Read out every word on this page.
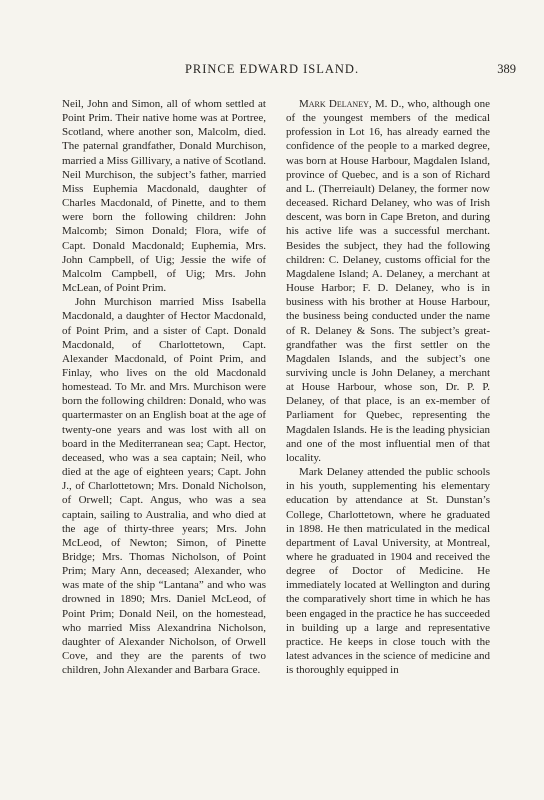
PRINCE EDWARD ISLAND.	389

Neil, John and Simon, all of whom settled at Point Prim. Their native home was at Portree, Scotland, where another son, Malcolm, died. The paternal grandfather, Donald Murchison, married a Miss Gillivary, a native of Scotland. Neil Murchison, the subject’s father, married Miss Euphemia Macdonald, daughter of Charles Macdonald, of Pinette, and to them were born the following children: John Malcomb; Simon Donald; Flora, wife of Capt. Donald Macdonald; Euphemia, Mrs. John Campbell, of Uig; Jessie the wife of Malcolm Campbell, of Uig; Mrs. John McLean, of Point Prim.

John Murchison married Miss Isabella Macdonald, a daughter of Hector Macdonald, of Point Prim, and a sister of Capt. Donald Macdonald, of Charlottetown, Capt. Alexander Macdonald, of Point Prim, and Finlay, who lives on the old Macdonald homestead. To Mr. and Mrs. Murchison were born the following children: Donald, who was quartermaster on an English boat at the age of twenty-one years and was lost with all on board in the Mediterranean sea; Capt. Hector, deceased, who was a sea captain; Neil, who died at the age of eighteen years; Capt. John J., of Charlottetown; Mrs. Donald Nicholson, of Orwell; Capt. Angus, who was a sea captain, sailing to Australia, and who died at the age of thirty-three years; Mrs. John McLeod, of Newton; Simon, of Pinette Bridge; Mrs. Thomas Nicholson, of Point Prim; Mary Ann, deceased; Alexander, who was mate of the ship “Lantana” and who was drowned in 1890; Mrs. Daniel McLeod, of Point Prim; Donald Neil, on the homestead, who married Miss Alexandrina Nicholson, daughter of Alexander Nicholson, of Orwell Cove, and they are the parents of two children, John Alexander and Barbara Grace.

Mark Delaney, M. D., who, although one of the youngest members of the medical profession in Lot 16, has already earned the confidence of the people to a marked degree, was born at House Harbour, Magdalen Island, province of Quebec, and is a son of Richard and L. (Therreiault) Delaney, the former now deceased. Richard Delaney, who was of Irish descent, was born in Cape Breton, and during his active life was a successful merchant. Besides the subject, they had the following children: C. Delaney, customs official for the Magdalene Island; A. Delaney, a merchant at House Harbor; F. D. Delaney, who is in business with his brother at House Harbour, the business being conducted under the name of R. Delaney & Sons. The subject’s great-grandfather was the first settler on the Magdalen Islands, and the subject’s one surviving uncle is John Delaney, a merchant at House Harbour, whose son, Dr. P. P. Delaney, of that place, is an ex-member of Parliament for Quebec, representing the Magdalen Islands. He is the leading physician and one of the most influential men of that locality.

Mark Delaney attended the public schools in his youth, supplementing his elementary education by attendance at St. Dunstan’s College, Charlottetown, where he graduated in 1898. He then matriculated in the medical department of Laval University, at Montreal, where he graduated in 1904 and received the degree of Doctor of Medicine. He immediately located at Wellington and during the comparatively short time in which he has been engaged in the practice he has succeeded in building up a large and representative practice. He keeps in close touch with the latest advances in the science of medicine and is thoroughly equipped in
